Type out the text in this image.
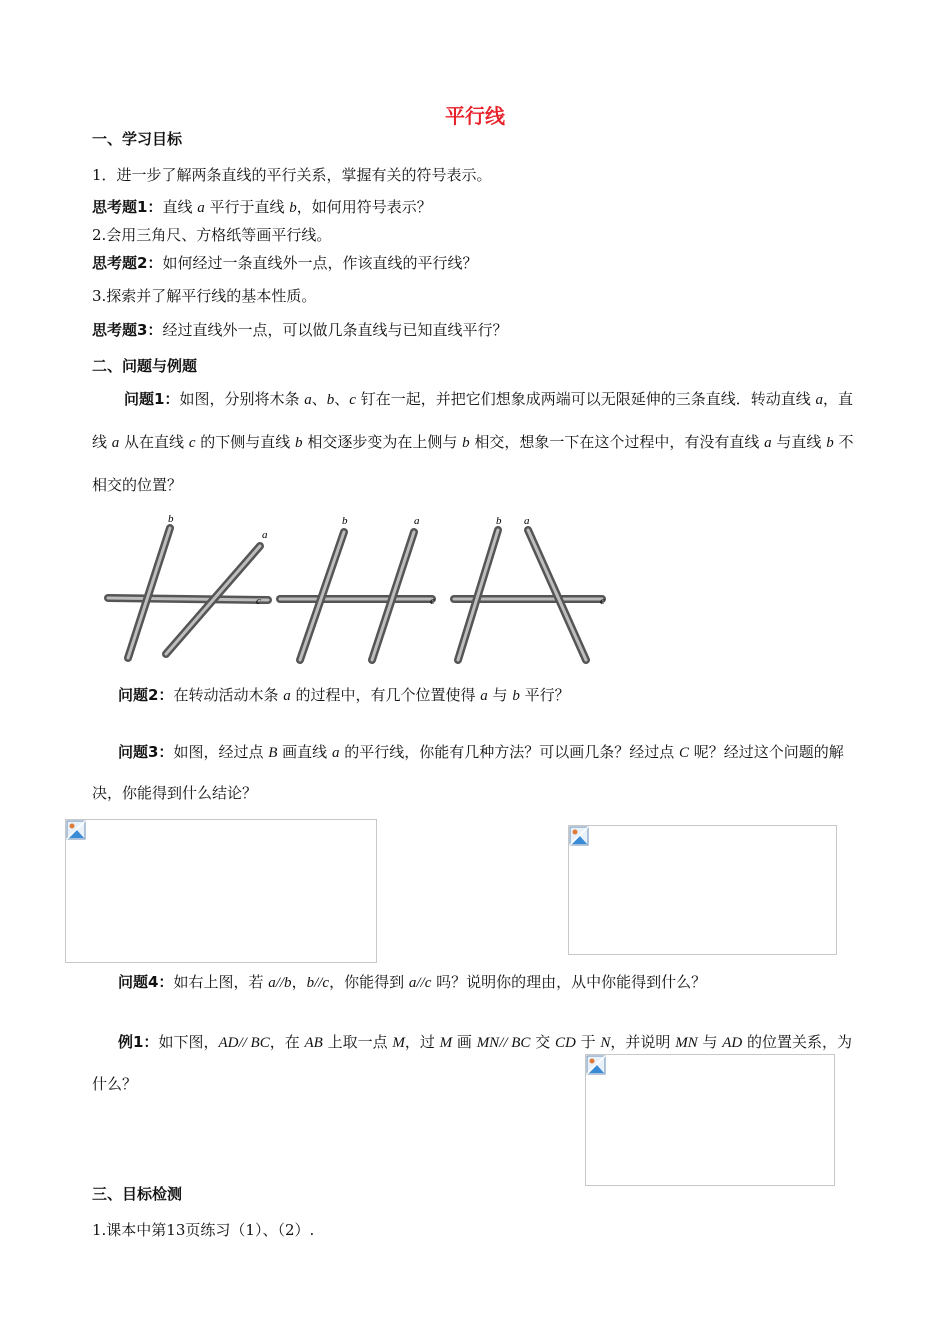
平行线
一、学习目标
1．进一步了解两条直线的平行关系，掌握有关的符号表示。
思考题1：直线 a 平行于直线 b，如何用符号表示？
2.会用三角尺、方格纸等画平行线。
思考题2：如何经过一条直线外一点，作该直线的平行线？
3.探索并了解平行线的基本性质。
思考题3：经过直线外一点，可以做几条直线与已知直线平行？
二、问题与例题
问题1：如图，分别将木条 a、b、c 钉在一起，并把它们想象成两端可以无限延伸的三条直线．转动直线 a，直线 a 从在直线 c 的下侧与直线 b 相交逐步变为在上侧与 b 相交，想象一下在这个过程中，有没有直线 a 与直线 b 不相交的位置？
b
a
c
b	a
c
b a
c
问题2：在转动活动木条 a 的过程中，有几个位置使得 a 与 b 平行？
问题3：如图，经过点 B 画直线 a 的平行线，你能有几种方法？可以画几条？经过点 C 呢？经过这个问题的解决，你能得到什么结论？
问题4：如右上图，若 a//b，b//c，你能得到 a//c 吗？说明你的理由，从中你能得到什么？
例1：如下图，AD// BC，在 AB 上取一点 M，过 M 画 MN// BC 交 CD 于 N，并说明 MN 与 AD 的位置关系，为
什么？
三、目标检测
1.课本中第13页练习（1）、（2）.
